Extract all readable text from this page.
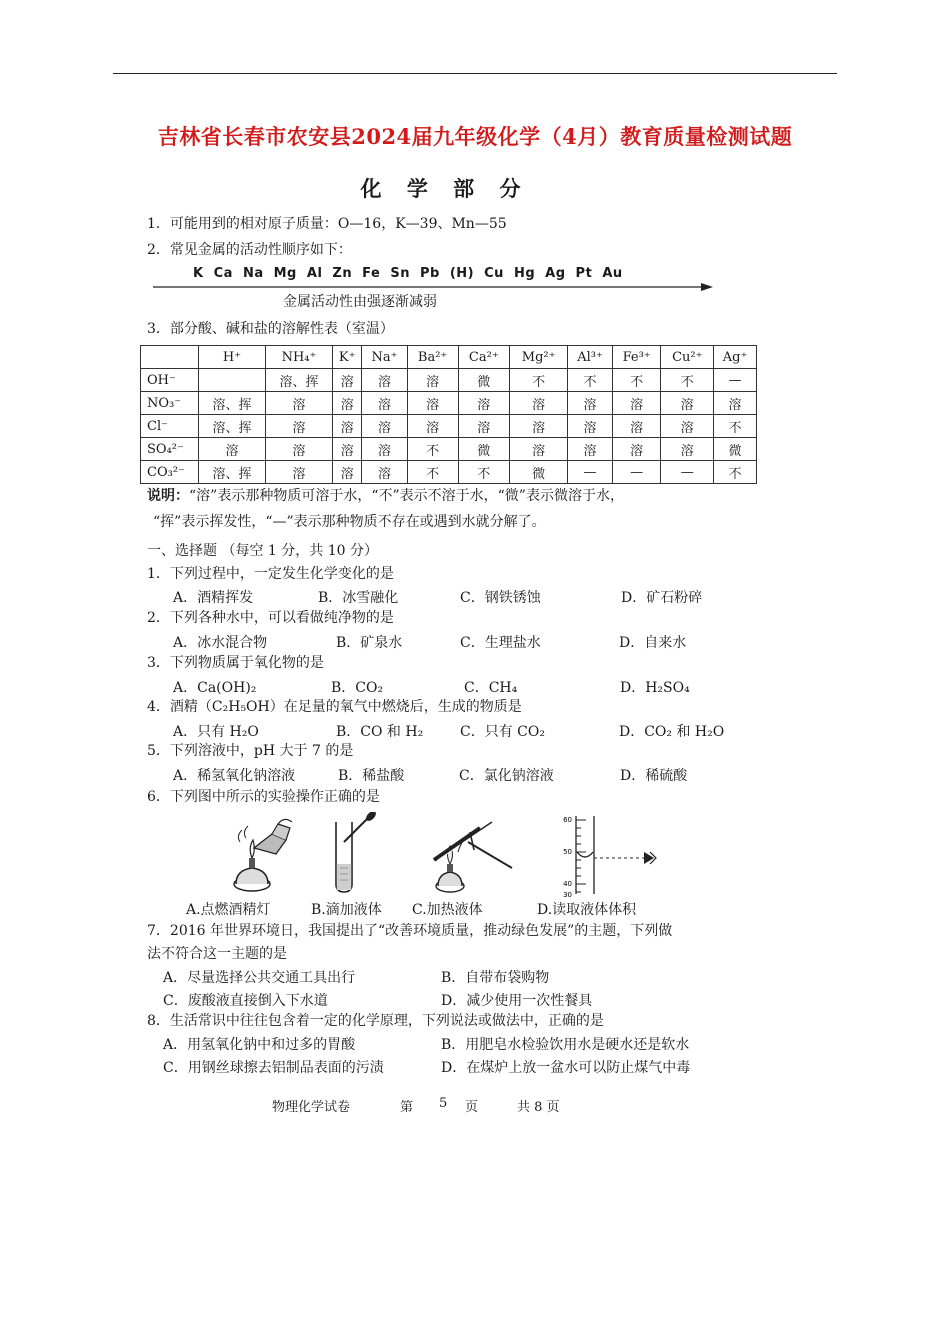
吉林省长春市农安县2024届九年级化学（4月）教育质量检测试题
化 学 部 分
1．可能用到的相对原子质量：O—16，K—39、Mn—55
2．常见金属的活动性顺序如下：
K Ca Na Mg Al Zn Fe Sn Pb (H) Cu Hg Ag Pt Au
金属活动性由强逐渐减弱
3．部分酸、碱和盐的溶解性表（室温）
	H⁺	NH₄⁺	K⁺	Na⁺	Ba²⁺	Ca²⁺	Mg²⁺	Al³⁺	Fe³⁺	Cu²⁺	Ag⁺
OH⁻		溶、挥	溶	溶	溶	微	不	不	不	不	—
NO₃⁻	溶、挥	溶	溶	溶	溶	溶	溶	溶	溶	溶	溶
Cl⁻	溶、挥	溶	溶	溶	溶	溶	溶	溶	溶	溶	不
SO₄²⁻	溶	溶	溶	溶	不	微	溶	溶	溶	溶	微
CO₃²⁻	溶、挥	溶	溶	溶	不	不	微	—	—	—	不
说明：“溶”表示那种物质可溶于水，“不”表示不溶于水，“微”表示微溶于水，
“挥”表示挥发性，“—”表示那种物质不存在或遇到水就分解了。
一、选择题 （每空 1 分，共 10 分）
1．下列过程中，一定发生化学变化的是
A．酒精挥发	B．冰雪融化	C．钢铁锈蚀	D．矿石粉碎
2．下列各种水中，可以看做纯净物的是
A．冰水混合物	B．矿泉水	C．生理盐水	D．自来水
3．下列物质属于氧化物的是
A．Ca(OH)₂	B．CO₂	C．CH₄	D．H₂SO₄
4．酒精（C₂H₅OH）在足量的氧气中燃烧后，生成的物质是
A．只有 H₂O	B．CO 和 H₂	C．只有 CO₂	D．CO₂ 和 H₂O
5．下列溶液中，pH 大于 7 的是
A．稀氢氧化钠溶液	B．稀盐酸	C．氯化钠溶液	D．稀硫酸
6．下列图中所示的实验操作正确的是
60
50
40
30
A.点燃酒精灯	B.滴加液体 C.加热液体	D.读取液体体积
7．2016 年世界环境日，我国提出了“改善环境质量，推动绿色发展”的主题，下列做
法不符合这一主题的是
A．尽量选择公共交通工具出行	B．自带布袋购物
C．废酸液直接倒入下水道	D．减少使用一次性餐具
8．生活常识中往往包含着一定的化学原理，下列说法或做法中，正确的是
A．用氢氧化钠中和过多的胃酸	B．用肥皂水检验饮用水是硬水还是软水
C．用钢丝球擦去铝制品表面的污渍	D．在煤炉上放一盆水可以防止煤气中毒
物理化学试卷	第 5 页	共 8 页
